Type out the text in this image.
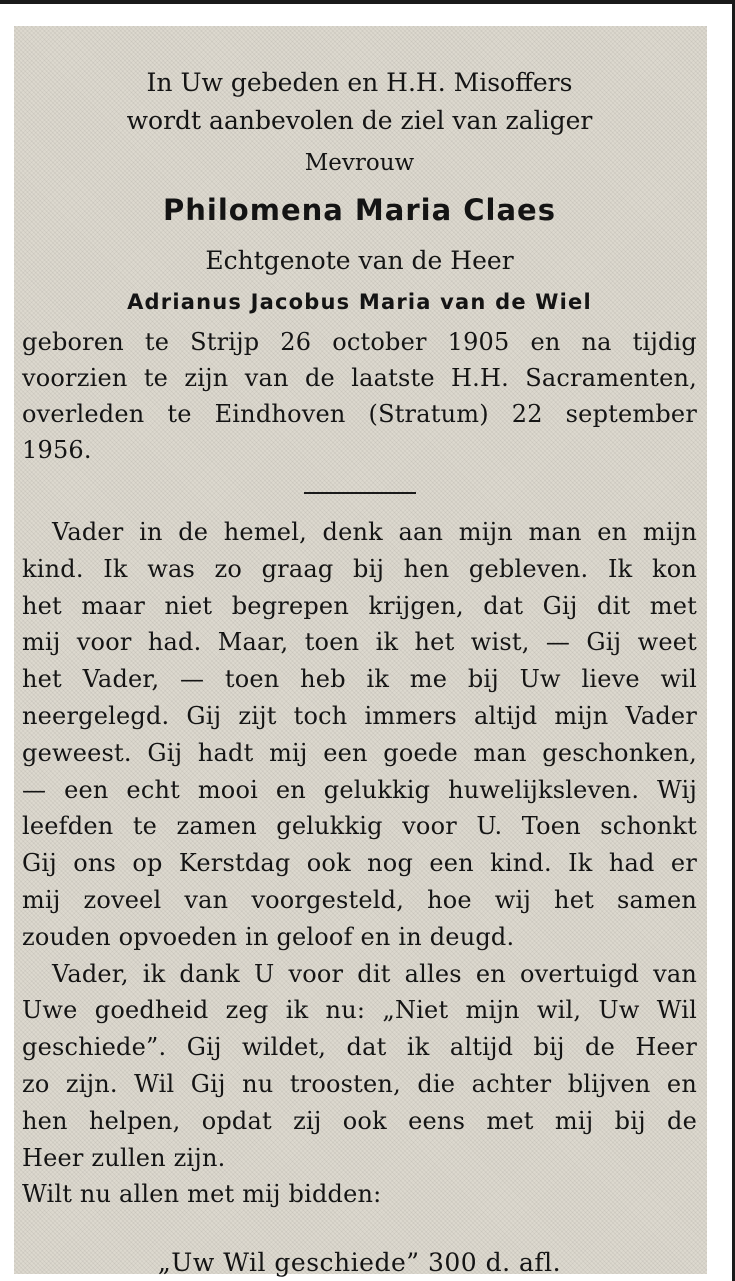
In Uw gebeden en H.H. Misoffers
wordt aanbevolen de ziel van zaliger
Mevrouw
Philomena Maria Claes
Echtgenote van de Heer
Adrianus Jacobus Maria van de Wiel
geboren te Strijp 26 october 1905 en na tijdig
voorzien te zijn van de laatste H.H. Sacramenten,
overleden te Eindhoven (Stratum) 22 september 1956.
Vader in de hemel, denk aan mijn man en mijn
kind. Ik was zo graag bij hen gebleven. Ik kon
het maar niet begrepen krijgen, dat Gij dit met
mij voor had. Maar, toen ik het wist, — Gij weet
het Vader, — toen heb ik me bij Uw lieve wil
neergelegd. Gij zijt toch immers altijd mijn Vader
geweest. Gij hadt mij een goede man geschonken,
— een echt mooi en gelukkig huwelijksleven. Wij
leefden te zamen gelukkig voor U. Toen schonkt
Gij ons op Kerstdag ook nog een kind. Ik had er
mij zoveel van voorgesteld, hoe wij het samen
zouden opvoeden in geloof en in deugd.
Vader, ik dank U voor dit alles en overtuigd van
Uwe goedheid zeg ik nu: „Niet mijn wil, Uw Wil
geschiede”. Gij wildet, dat ik altijd bij de Heer
zo zijn. Wil Gij nu troosten, die achter blijven en
hen helpen, opdat zij ook eens met mij bij de
Heer zullen zijn.
Wilt nu allen met mij bidden:
„Uw Wil geschiede” 300 d. afl.
